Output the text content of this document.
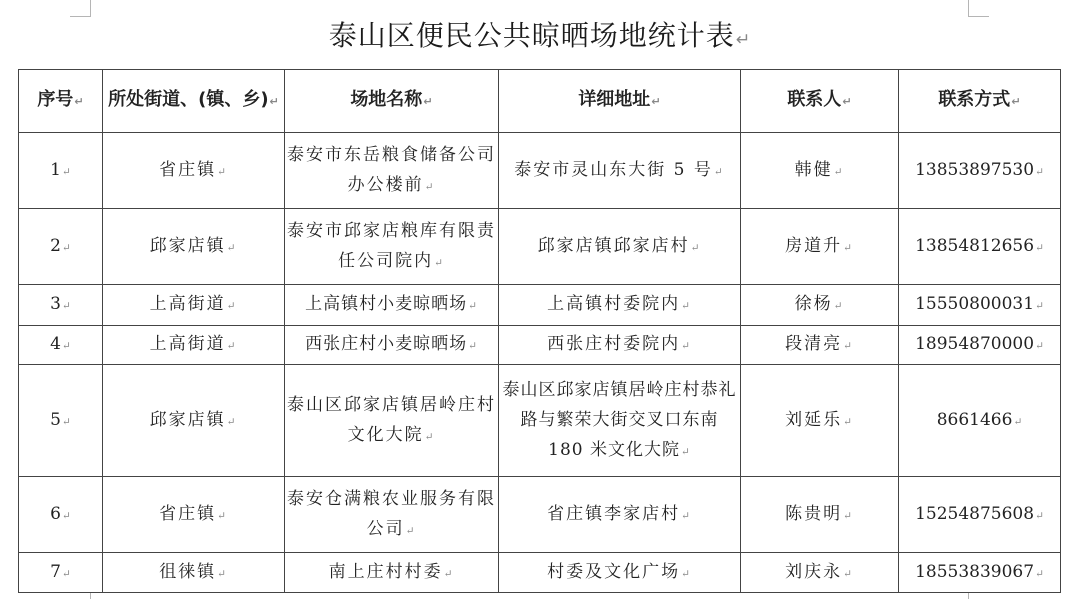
泰山区便民公共晾晒场地统计表↵
序号↵	所处街道、(镇、乡)↵	场地名称↵	详细地址↵	联系人↵	联系方式↵
1↵	省庄镇↵	泰安市东岳粮食储备公司办公楼前↵	泰安市灵山东大街 5 号↵	韩健↵	13853897530↵
2↵	邱家店镇↵	泰安市邱家店粮库有限责任公司院内↵	邱家店镇邱家店村↵	房道升↵	13854812656↵
3↵	上高街道↵	上高镇村小麦晾晒场↵	上高镇村委院内↵	徐杨↵	15550800031↵
4↵	上高街道↵	西张庄村小麦晾晒场↵	西张庄村委院内↵	段清亮↵	18954870000↵
5↵	邱家店镇↵	泰山区邱家店镇居岭庄村文化大院↵	泰山区邱家店镇居岭庄村恭礼路与繁荣大街交叉口东南 180 米文化大院↵	刘延乐↵	8661466↵
6↵	省庄镇↵	泰安仓满粮农业服务有限公司↵	省庄镇李家店村↵	陈贵明↵	15254875608↵
7↵	徂徕镇↵	南上庄村村委↵	村委及文化广场↵	刘庆永↵	18553839067↵
